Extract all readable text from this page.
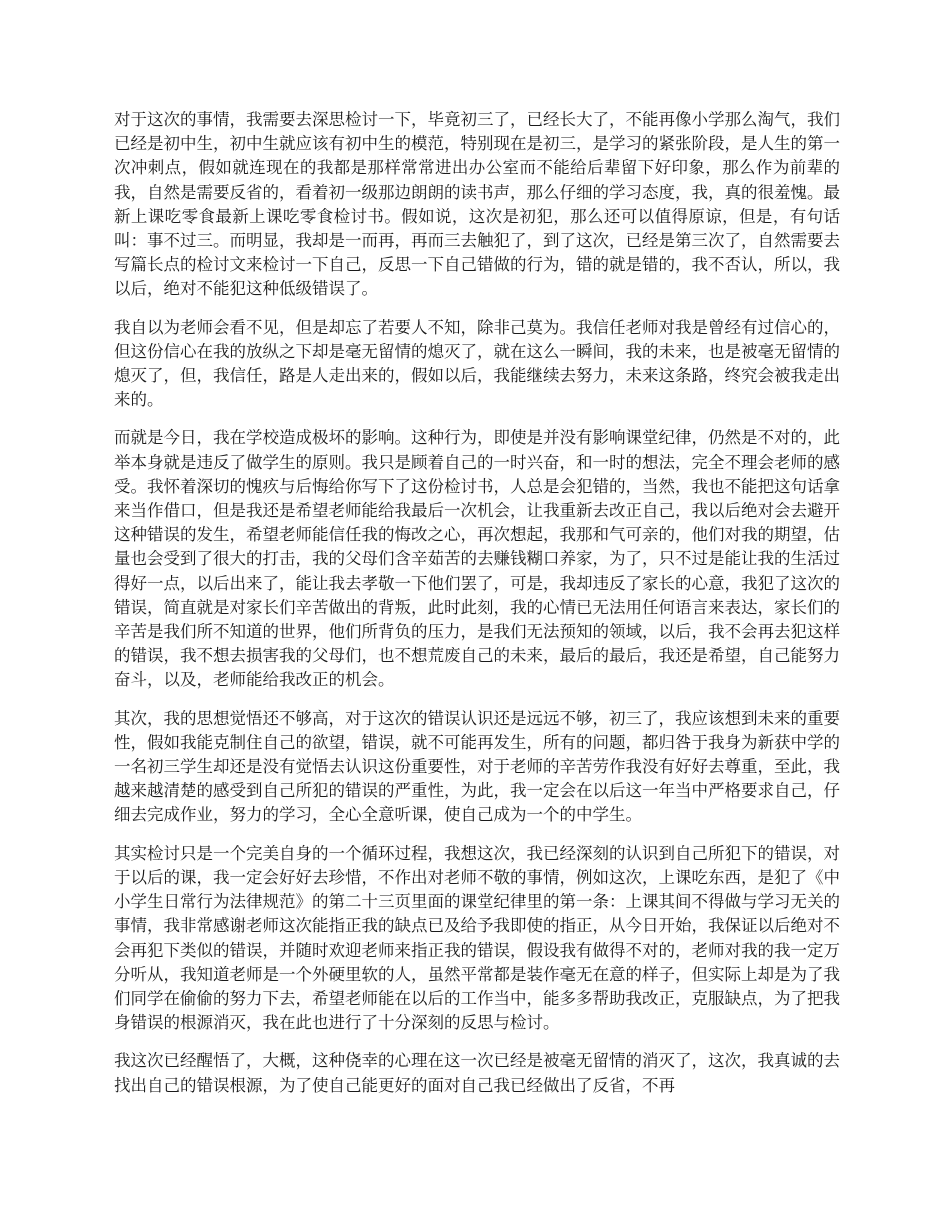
对于这次的事情，我需要去深思检讨一下，毕竟初三了，已经长大了，不能再像小学那么淘气，我们已经是初中生，初中生就应该有初中生的模范，特别现在是初三，是学习的紧张阶段，是人生的第一次冲刺点，假如就连现在的我都是那样常常进出办公室而不能给后辈留下好印象，那么作为前辈的我，自然是需要反省的，看着初一级那边朗朗的读书声，那么仔细的学习态度，我，真的很羞愧。最新上课吃零食最新上课吃零食检讨书。假如说，这次是初犯，那么还可以值得原谅，但是，有句话叫：事不过三。而明显，我却是一而再，再而三去触犯了，到了这次，已经是第三次了，自然需要去写篇长点的检讨文来检讨一下自己，反思一下自己错做的行为，错的就是错的，我不否认，所以，我以后，绝对不能犯这种低级错误了。

我自以为老师会看不见，但是却忘了若要人不知，除非己莫为。我信任老师对我是曾经有过信心的，但这份信心在我的放纵之下却是毫无留情的熄灭了，就在这么一瞬间，我的未来，也是被毫无留情的熄灭了，但，我信任，路是人走出来的，假如以后，我能继续去努力，未来这条路，终究会被我走出来的。

而就是今日，我在学校造成极坏的影响。这种行为，即使是并没有影响课堂纪律，仍然是不对的，此举本身就是违反了做学生的原则。我只是顾着自己的一时兴奋，和一时的想法，完全不理会老师的感受。我怀着深切的愧疚与后悔给你写下了这份检讨书，人总是会犯错的，当然，我也不能把这句话拿来当作借口，但是我还是希望老师能给我最后一次机会，让我重新去改正自己，我以后绝对会去避开这种错误的发生，希望老师能信任我的悔改之心，再次想起，我那和气可亲的，他们对我的期望，估量也会受到了很大的打击，我的父母们含辛茹苦的去赚钱糊口养家，为了，只不过是能让我的生活过得好一点，以后出来了，能让我去孝敬一下他们罢了，可是，我却违反了家长的心意，我犯了这次的错误，简直就是对家长们辛苦做出的背叛，此时此刻，我的心情已无法用任何语言来表达，家长们的辛苦是我们所不知道的世界，他们所背负的压力，是我们无法预知的领域，以后，我不会再去犯这样的错误，我不想去损害我的父母们，也不想荒废自己的未来，最后的最后，我还是希望，自己能努力奋斗，以及，老师能给我改正的机会。

其次，我的思想觉悟还不够高，对于这次的错误认识还是远远不够，初三了，我应该想到未来的重要性，假如我能克制住自己的欲望，错误，就不可能再发生，所有的问题，都归咎于我身为新获中学的一名初三学生却还是没有觉悟去认识这份重要性，对于老师的辛苦劳作我没有好好去尊重，至此，我越来越清楚的感受到自己所犯的错误的严重性，为此，我一定会在以后这一年当中严格要求自己，仔细去完成作业，努力的学习，全心全意听课，使自己成为一个的中学生。

其实检讨只是一个完美自身的一个循环过程，我想这次，我已经深刻的认识到自己所犯下的错误，对于以后的课，我一定会好好去珍惜，不作出对老师不敬的事情，例如这次，上课吃东西，是犯了《中小学生日常行为法律规范》的第二十三页里面的课堂纪律里的第一条：上课其间不得做与学习无关的事情，我非常感谢老师这次能指正我的缺点已及给予我即使的指正，从今日开始，我保证以后绝对不会再犯下类似的错误，并随时欢迎老师来指正我的错误，假设我有做得不对的，老师对我的我一定万分听从，我知道老师是一个外硬里软的人，虽然平常都是装作毫无在意的样子，但实际上却是为了我们同学在偷偷的努力下去，希望老师能在以后的工作当中，能多多帮助我改正，克服缺点，为了把我身错误的根源消灭，我在此也进行了十分深刻的反思与检讨。

我这次已经醒悟了，大概，这种侥幸的心理在这一次已经是被毫无留情的消灭了，这次，我真诚的去找出自己的错误根源，为了使自己能更好的面对自己我已经做出了反省，不再
